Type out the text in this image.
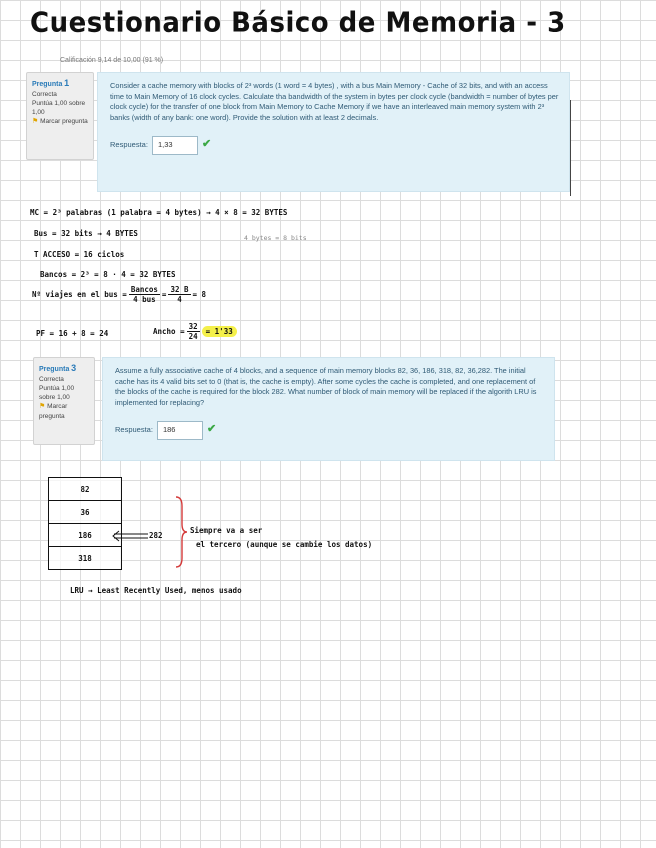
Cuestionario Básico de Memoria - 3
Calificación 9,14 de 10,00 (91 %)
Pregunta 1
Correcta
Puntúa 1,00 sobre 1,00
⚑ Marcar pregunta
Consider a cache memory with blocks of 2³ words (1 word = 4 bytes) , with a bus Main Memory - Cache of 32 bits, and with an access time to Main Memory of 16 clock cycles. Calculate tha bandwidth of the system in bytes per clock cycle (bandwidth = number of bytes per clock cycle) for the transfer of one block from Main Memory to Cache Memory if we have an interleaved main memory system with 2³ banks (width of any bank: one word). Provide the solution with at least 2 decimals.
Respuesta:	1,33	✔
MC = 2³ palabras (1 palabra = 4 bytes) → 4 × 8 = 32 BYTES
Bus = 32 bits → 4 BYTES	4 bytes = 8 bits
T ACCESO = 16 ciclos
Bancos = 2³ = 8 · 4 = 32 BYTES
Nº viajes en el bus = $\frac{\text{Bancos}}{\text{4 bus}} = \frac{32 B}{4} = 8$
PF = 16 + 8 = 24	Ancho = $\frac{32}{24} = 1'33$
Pregunta 3
Correcta
Puntúa 1,00 sobre 1,00
⚑ Marcar pregunta
Assume a fully associative cache of 4 blocks, and a sequence of main memory blocks 82, 36, 186, 318, 82, 36,282. The initial cache has its 4 valid bits set to 0 (that is, the cache is empty). After some cycles the cache is completed, and one replacement of the blocks of the cache is required for the block 282. What number of block of main memory will be replaced if the algorith LRU is implemented for replacing?
Respuesta:	186	✔
82
36
186
318
282
Siempre va a ser
el tercero (aunque se cambie los datos)
LRU → Least Recently Used, menos usado
